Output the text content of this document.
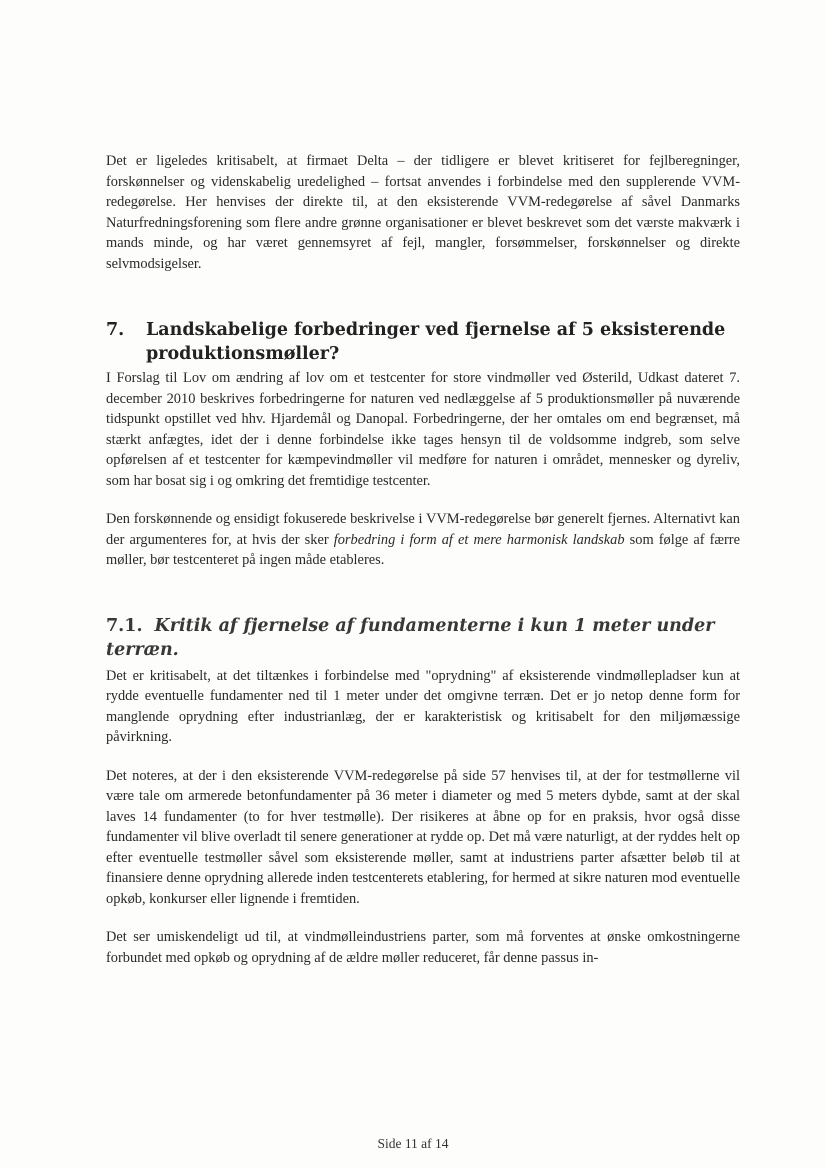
Det er ligeledes kritisabelt, at firmaet Delta – der tidligere er blevet kritiseret for fejlberegninger, forskønnelser og videnskabelig uredelighed – fortsat anvendes i forbindelse med den supplerende VVM-redegørelse. Her henvises der direkte til, at den eksisterende VVM-redegørelse af såvel Danmarks Naturfredningsforening som flere andre grønne organisationer er blevet beskrevet som det værste makværk i mands minde, og har været gennemsyret af fejl, mangler, forsømmelser, forskønnelser og direkte selvmodsigelser.

7. Landskabelige forbedringer ved fjernelse af 5 eksisterende produktionsmøller?

I Forslag til Lov om ændring af lov om et testcenter for store vindmøller ved Østerild, Udkast dateret 7. december 2010 beskrives forbedringerne for naturen ved nedlæggelse af 5 produktionsmøller på nuværende tidspunkt opstillet ved hhv. Hjardemål og Danopal. Forbedringerne, der her omtales om end begrænset, må stærkt anfægtes, idet der i denne forbindelse ikke tages hensyn til de voldsomme indgreb, som selve opførelsen af et testcenter for kæmpevindmøller vil medføre for naturen i området, mennesker og dyreliv, som har bosat sig i og omkring det fremtidige testcenter.

Den forskønnende og ensidigt fokuserede beskrivelse i VVM-redegørelse bør generelt fjernes. Alternativt kan der argumenteres for, at hvis der sker forbedring i form af et mere harmonisk landskab som følge af færre møller, bør testcenteret på ingen måde etableres.

7.1. Kritik af fjernelse af fundamenterne i kun 1 meter under terræn.

Det er kritisabelt, at det tiltænkes i forbindelse med "oprydning" af eksisterende vindmøllepladser kun at rydde eventuelle fundamenter ned til 1 meter under det omgivne terræn. Det er jo netop denne form for manglende oprydning efter industrianlæg, der er karakteristisk og kritisabelt for den miljømæssige påvirkning.

Det noteres, at der i den eksisterende VVM-redegørelse på side 57 henvises til, at der for testmøllerne vil være tale om armerede betonfundamenter på 36 meter i diameter og med 5 meters dybde, samt at der skal laves 14 fundamenter (to for hver testmølle). Der risikeres at åbne op for en praksis, hvor også disse fundamenter vil blive overladt til senere generationer at rydde op. Det må være naturligt, at der ryddes helt op efter eventuelle testmøller såvel som eksisterende møller, samt at industriens parter afsætter beløb til at finansiere denne oprydning allerede inden testcenterets etablering, for hermed at sikre naturen mod eventuelle opkøb, konkurser eller lignende i fremtiden.

Det ser umiskendeligt ud til, at vindmølleindustriens parter, som må forventes at ønske omkostningerne forbundet med opkøb og oprydning af de ældre møller reduceret, får denne passus in-

Side 11 af 14
